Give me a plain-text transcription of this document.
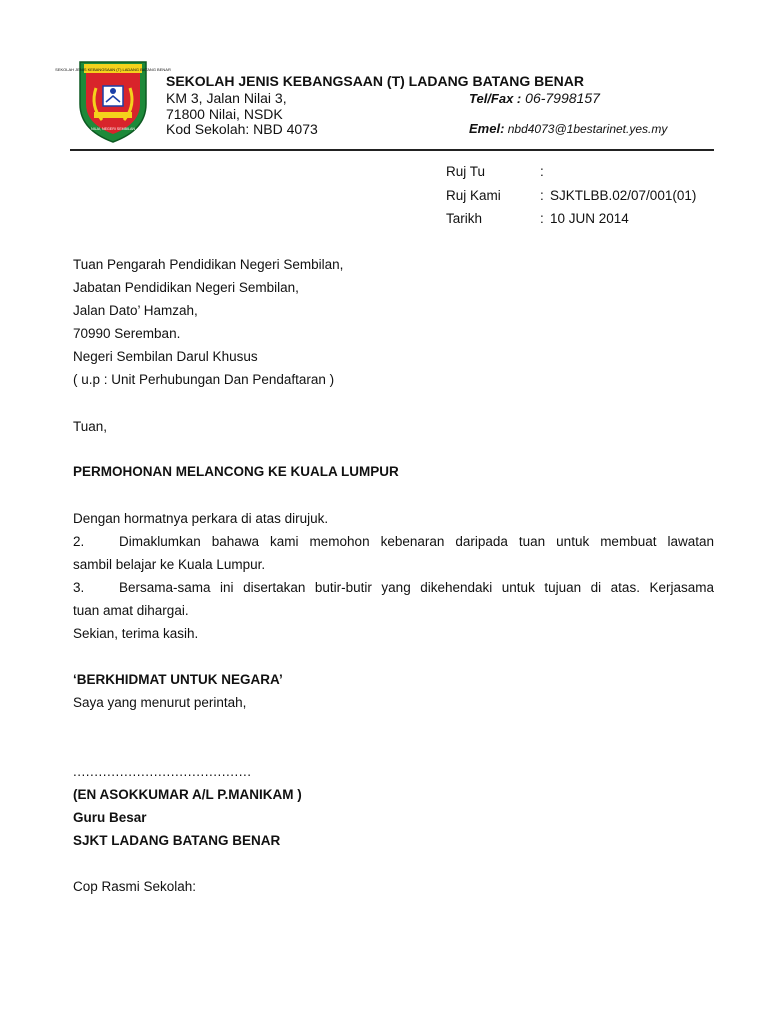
SEKOLAH JENIS KEBANGSAAN (T) LADANG BATANG BENAR
NILAI, NEGERI SEMBILAN
SEKOLAH JENIS KEBANGSAAN (T) LADANG BATANG BENAR
KM 3, Jalan Nilai 3,
71800 Nilai, NSDK
Kod Sekolah: NBD 4073
Tel/Fax : 06-7998157
Emel: nbd4073@1bestarinet.yes.my
Ruj Tu	:
Ruj Kami	: SJKTLBB.02/07/001(01)
Tarikh	: 10 JUN 2014
Tuan Pengarah Pendidikan Negeri Sembilan,
Jabatan Pendidikan Negeri Sembilan,
Jalan Dato’ Hamzah,
70990 Seremban.
Negeri Sembilan Darul Khusus
( u.p : Unit Perhubungan Dan Pendaftaran )
Tuan,
PERMOHONAN MELANCONG KE KUALA LUMPUR
Dengan hormatnya perkara di atas dirujuk.
2.	Dimaklumkan bahawa kami memohon kebenaran daripada tuan untuk membuat lawatan
sambil belajar ke Kuala Lumpur.
3.	Bersama-sama ini disertakan butir-butir yang dikehendaki untuk tujuan di atas. Kerjasama
tuan amat dihargai.
Sekian, terima kasih.
‘BERKHIDMAT UNTUK NEGARA’
Saya yang menurut perintah,
..........................................
(EN ASOKKUMAR A/L P.MANIKAM )
Guru Besar
SJKT LADANG BATANG BENAR
Cop Rasmi Sekolah:
